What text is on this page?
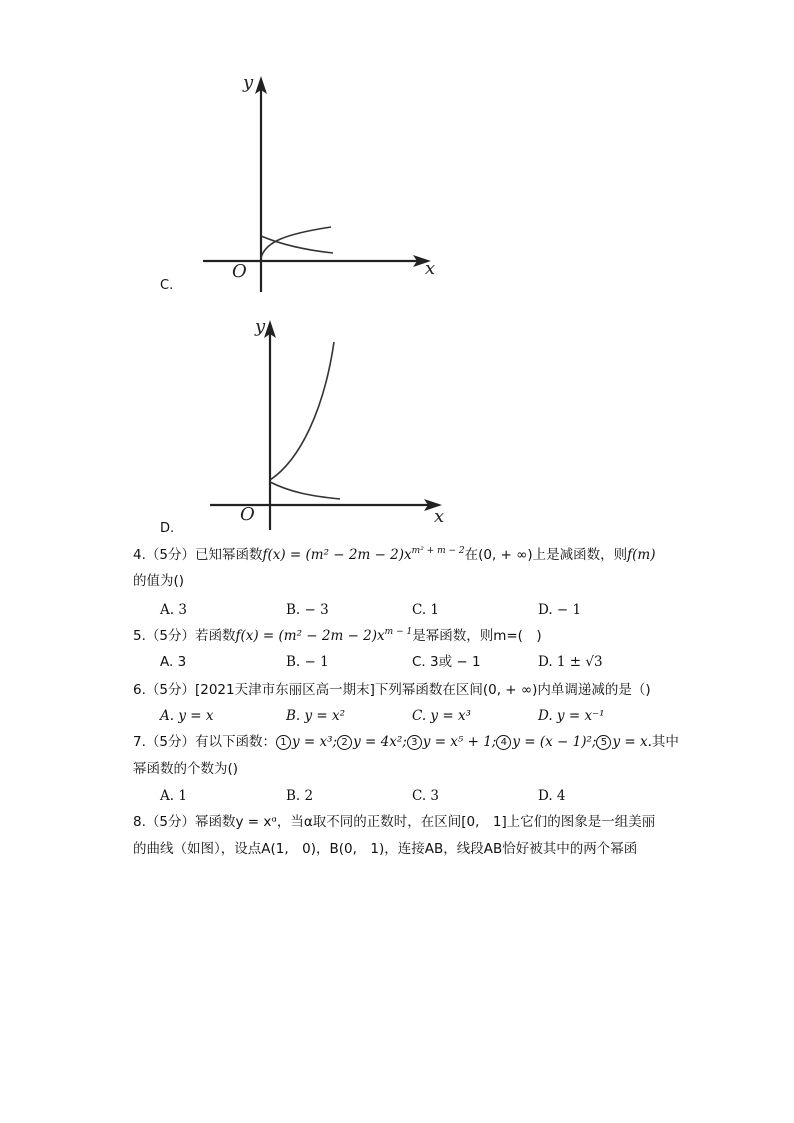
y
x
O
C.
y
x
O
D.
4.（5分）已知幂函数$f(x) = (m^2 - 2m - 2)x^{m^2 + m - 2}$在(0, + ∞)上是减函数，则f(m)
的值为()
A. 3	B. − 3	C. 1	D. − 1
5.（5分）若函数$f(x) = (m^2 - 2m - 2)x^{m - 1}$是幂函数，则m=(　)
A. 3	B. − 1	C. 3或 − 1	D. 1 ± √3
6.（5分）[2021天津市东丽区高一期末]下列幂函数在区间(0, + ∞)内单调递减的是（)
A. y = x	B. y = x²	C. y = x³	D. y = x⁻¹
7.（5分）有以下函数： 1 y = x³; 2 y = 4x²; 3 y = x⁵ + 1; 4 y = (x − 1)²; 5 y = x.其中
幂函数的个数为()
A. 1	B. 2	C. 3	D. 4
8.（5分）幂函数y = xᵅ，当α取不同的正数时，在区间[0,　1]上它们的图象是一组美丽
的曲线（如图），设点A(1,　0)，B(0,　1)，连接AB，线段AB恰好被其中的两个幂函
